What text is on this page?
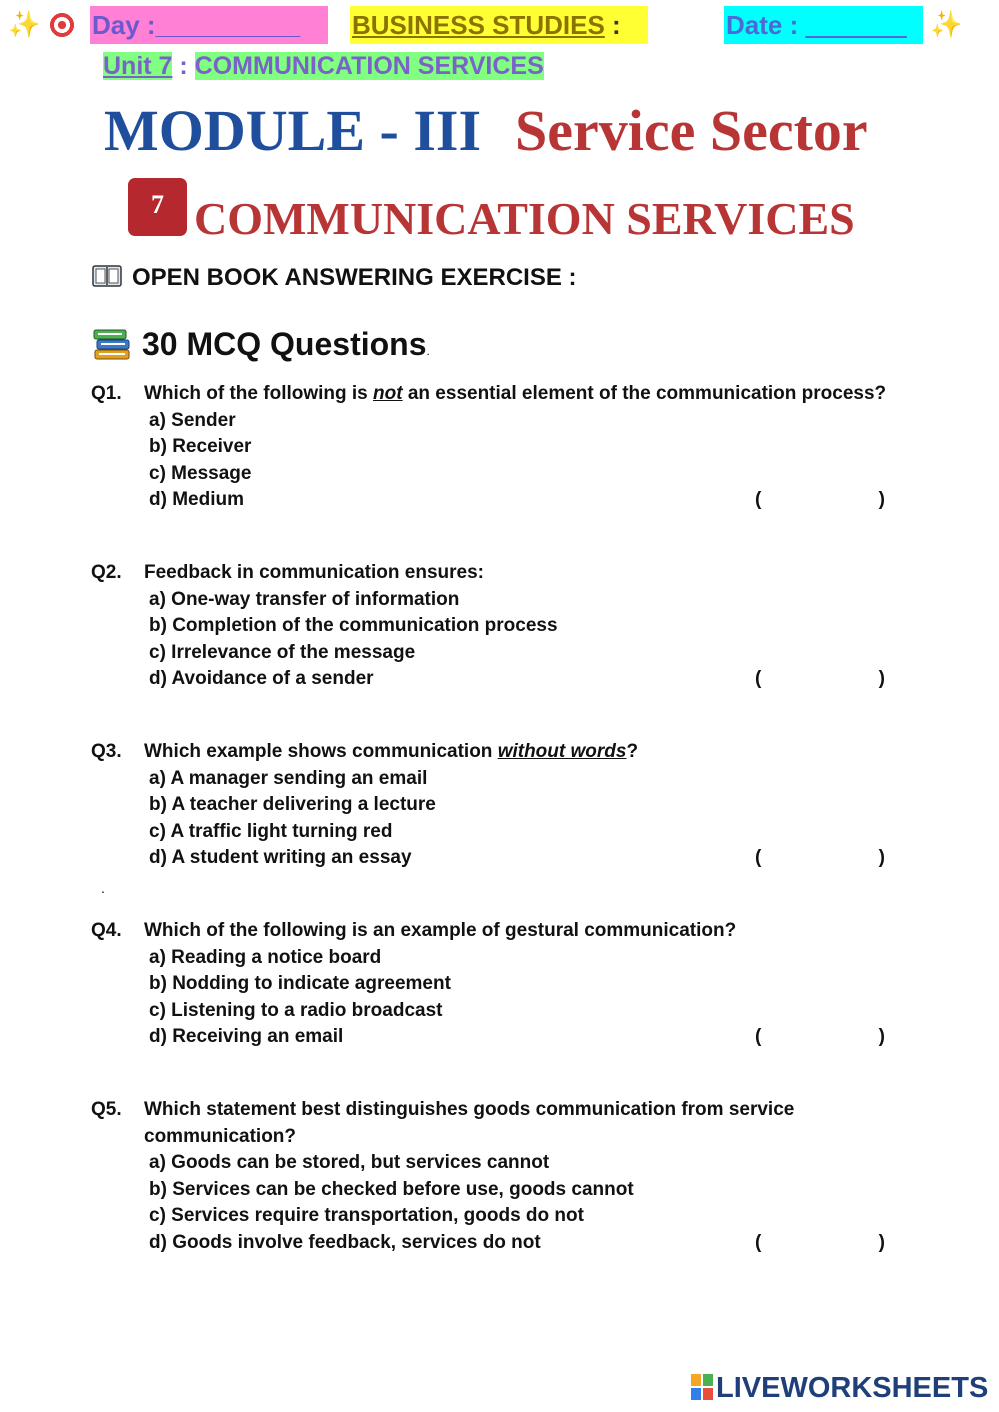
✨ Day :__________	BUSINESS STUDIES :	Date : _______ ✨
Unit 7 : COMMUNICATION SERVICES
MODULE - III Service Sector
7 COMMUNICATION SERVICES
OPEN BOOK ANSWERING EXERCISE :
30 MCQ Questions.
Q1.	Which of the following is not an essential element of the communication process?
a) Sender
b) Receiver
c) Message
d) Medium	(	)
Q2.	Feedback in communication ensures:
a) One-way transfer of information
b) Completion of the communication process
c) Irrelevance of the message
d) Avoidance of a sender	(	)
Q3.	Which example shows communication without words?
a) A manager sending an email
b) A teacher delivering a lecture
c) A traffic light turning red
d) A student writing an essay	(	)
.
Q4.	Which of the following is an example of gestural communication?
a) Reading a notice board
b) Nodding to indicate agreement
c) Listening to a radio broadcast
d) Receiving an email	(	)
Q5.	Which statement best distinguishes goods communication from service communication?
a) Goods can be stored, but services cannot
b) Services can be checked before use, goods cannot
c) Services require transportation, goods do not
d) Goods involve feedback, services do not	(	)
LIVEWORKSHEETS
